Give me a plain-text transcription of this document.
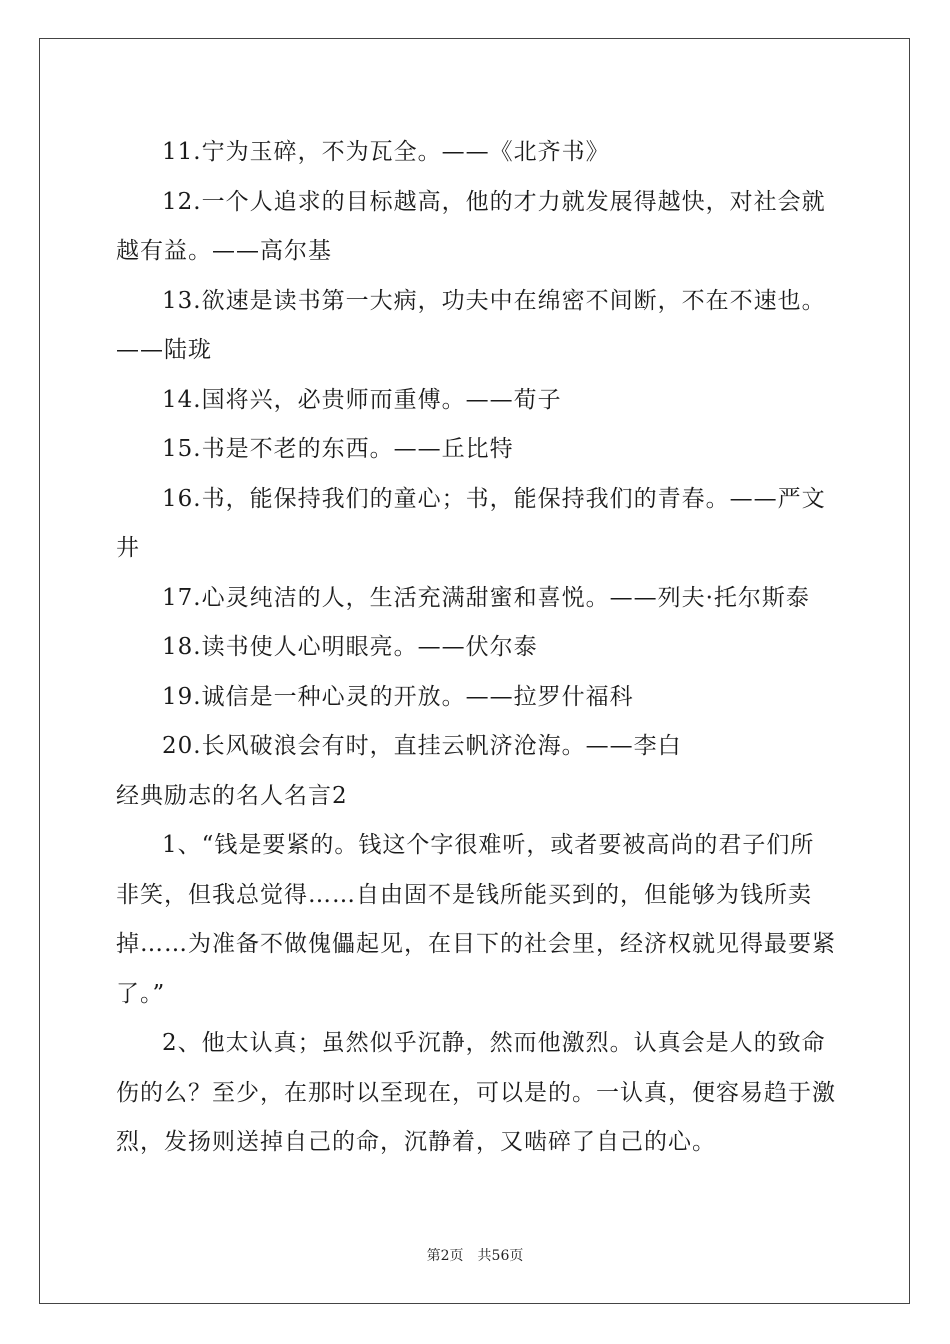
11.宁为玉碎，不为瓦全。——《北齐书》

12.一个人追求的目标越高，他的才力就发展得越快，对社会就越有益。——高尔基

13.欲速是读书第一大病，功夫中在绵密不间断，不在不速也。——陆珑

14.国将兴，必贵师而重傅。——荀子

15.书是不老的东西。——丘比特

16.书，能保持我们的童心；书，能保持我们的青春。——严文井

17.心灵纯洁的人，生活充满甜蜜和喜悦。——列夫·托尔斯泰

18.读书使人心明眼亮。——伏尔泰

19.诚信是一种心灵的开放。——拉罗什福科

20.长风破浪会有时，直挂云帆济沧海。——李白

经典励志的名人名言2

1、“钱是要紧的。钱这个字很难听，或者要被高尚的君子们所非笑，但我总觉得……自由固不是钱所能买到的，但能够为钱所卖掉……为准备不做傀儡起见，在目下的社会里，经济权就见得最要紧了。”

2、他太认真；虽然似乎沉静，然而他激烈。认真会是人的致命伤的么？至少，在那时以至现在，可以是的。一认真，便容易趋于激烈，发扬则送掉自己的命，沉静着，又啮碎了自己的心。

第2页 共56页
